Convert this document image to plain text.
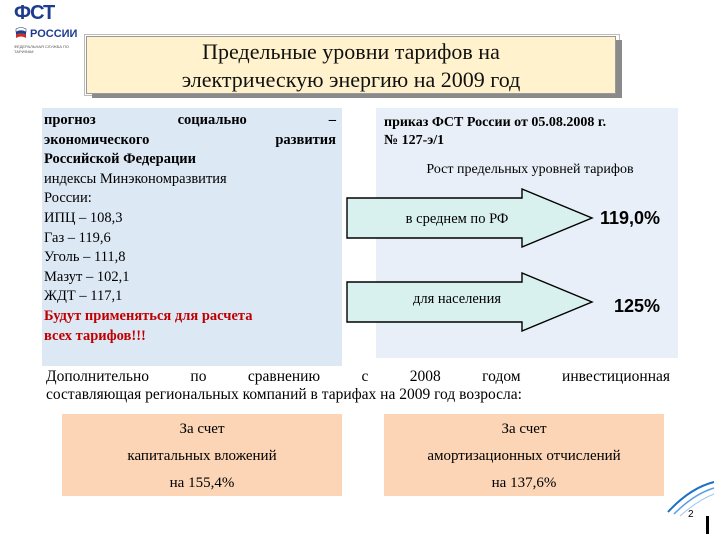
ФСТ
РОССИИ
ФЕДЕРАЛЬНАЯ СЛУЖБА ПО ТАРИФАМ	Предельные уровни тарифов на
электрическую энергию на 2009 год
прогноз социально –
экономического развития
Российской Федерации
индексы Минэкономразвития
России:
ИПЦ – 108,3
Газ – 119,6
Уголь – 111,8
Мазут – 102,1
ЖДТ – 117,1
Будут применяться для расчета
всех тарифов!!!
приказ ФСТ России от 05.08.2008 г.
№ 127-э/1
Рост предельных уровней тарифов
в среднем по РФ	119,0%
для населения	125%
Дополнительно по сравнению с 2008 годом инвестиционная
составляющая региональных компаний в тарифах на 2009 год возросла:
За счет
капитальных вложений
на 155,4%
За счет
амортизационных отчислений
на 137,6%
2
